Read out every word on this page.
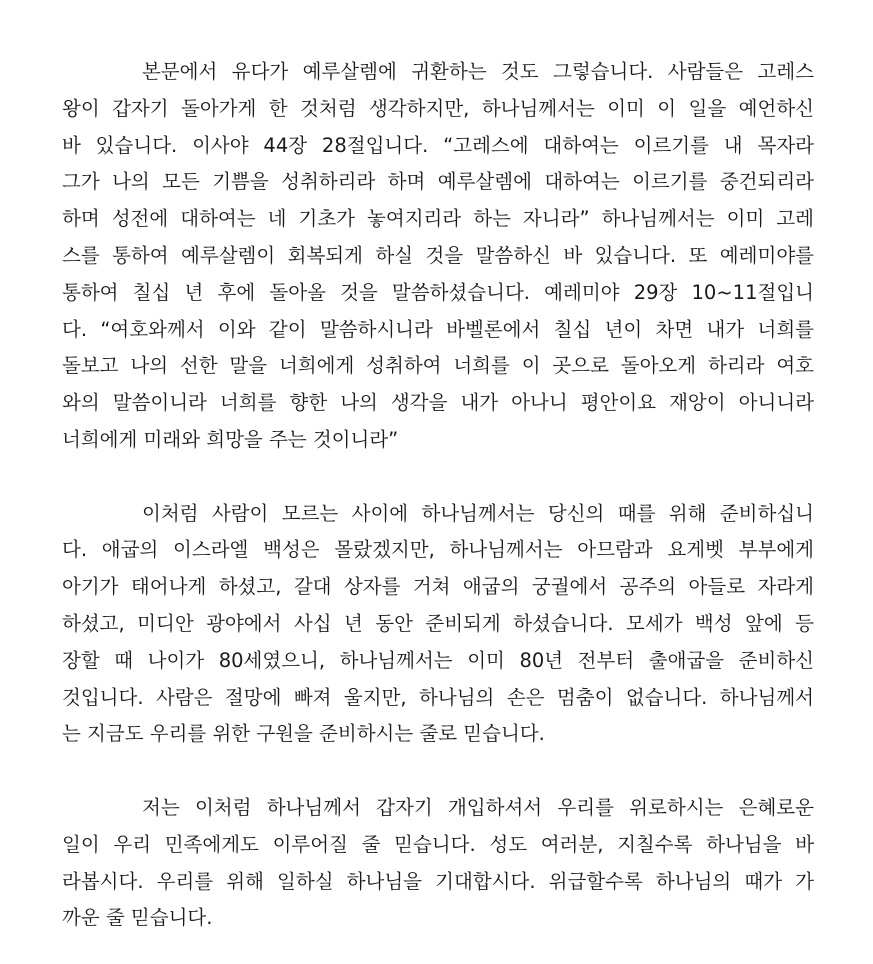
본문에서 유다가 예루살렘에 귀환하는 것도 그렇습니다. 사람들은 고레스
왕이 갑자기 돌아가게 한 것처럼 생각하지만, 하나님께서는 이미 이 일을 예언하신
바 있습니다. 이사야 44장 28절입니다. “고레스에 대하여는 이르기를 내 목자라
그가 나의 모든 기쁨을 성취하리라 하며 예루살렘에 대하여는 이르기를 중건되리라
하며 성전에 대하여는 네 기초가 놓여지리라 하는 자니라” 하나님께서는 이미 고레
스를 통하여 예루살렘이 회복되게 하실 것을 말씀하신 바 있습니다. 또 예레미야를
통하여 칠십 년 후에 돌아올 것을 말씀하셨습니다. 예레미야 29장 10~11절입니
다. “여호와께서 이와 같이 말씀하시니라 바벨론에서 칠십 년이 차면 내가 너희를
돌보고 나의 선한 말을 너희에게 성취하여 너희를 이 곳으로 돌아오게 하리라 여호
와의 말씀이니라 너희를 향한 나의 생각을 내가 아나니 평안이요 재앙이 아니니라
너희에게 미래와 희망을 주는 것이니라”
이처럼 사람이 모르는 사이에 하나님께서는 당신의 때를 위해 준비하십니
다. 애굽의 이스라엘 백성은 몰랐겠지만, 하나님께서는 아므람과 요게벳 부부에게
아기가 태어나게 하셨고, 갈대 상자를 거쳐 애굽의 궁궐에서 공주의 아들로 자라게
하셨고, 미디안 광야에서 사십 년 동안 준비되게 하셨습니다. 모세가 백성 앞에 등
장할 때 나이가 80세였으니, 하나님께서는 이미 80년 전부터 출애굽을 준비하신
것입니다. 사람은 절망에 빠져 울지만, 하나님의 손은 멈춤이 없습니다. 하나님께서
는 지금도 우리를 위한 구원을 준비하시는 줄로 믿습니다.
저는 이처럼 하나님께서 갑자기 개입하셔서 우리를 위로하시는 은혜로운
일이 우리 민족에게도 이루어질 줄 믿습니다. 성도 여러분, 지칠수록 하나님을 바
라봅시다. 우리를 위해 일하실 하나님을 기대합시다. 위급할수록 하나님의 때가 가
까운 줄 믿습니다.
